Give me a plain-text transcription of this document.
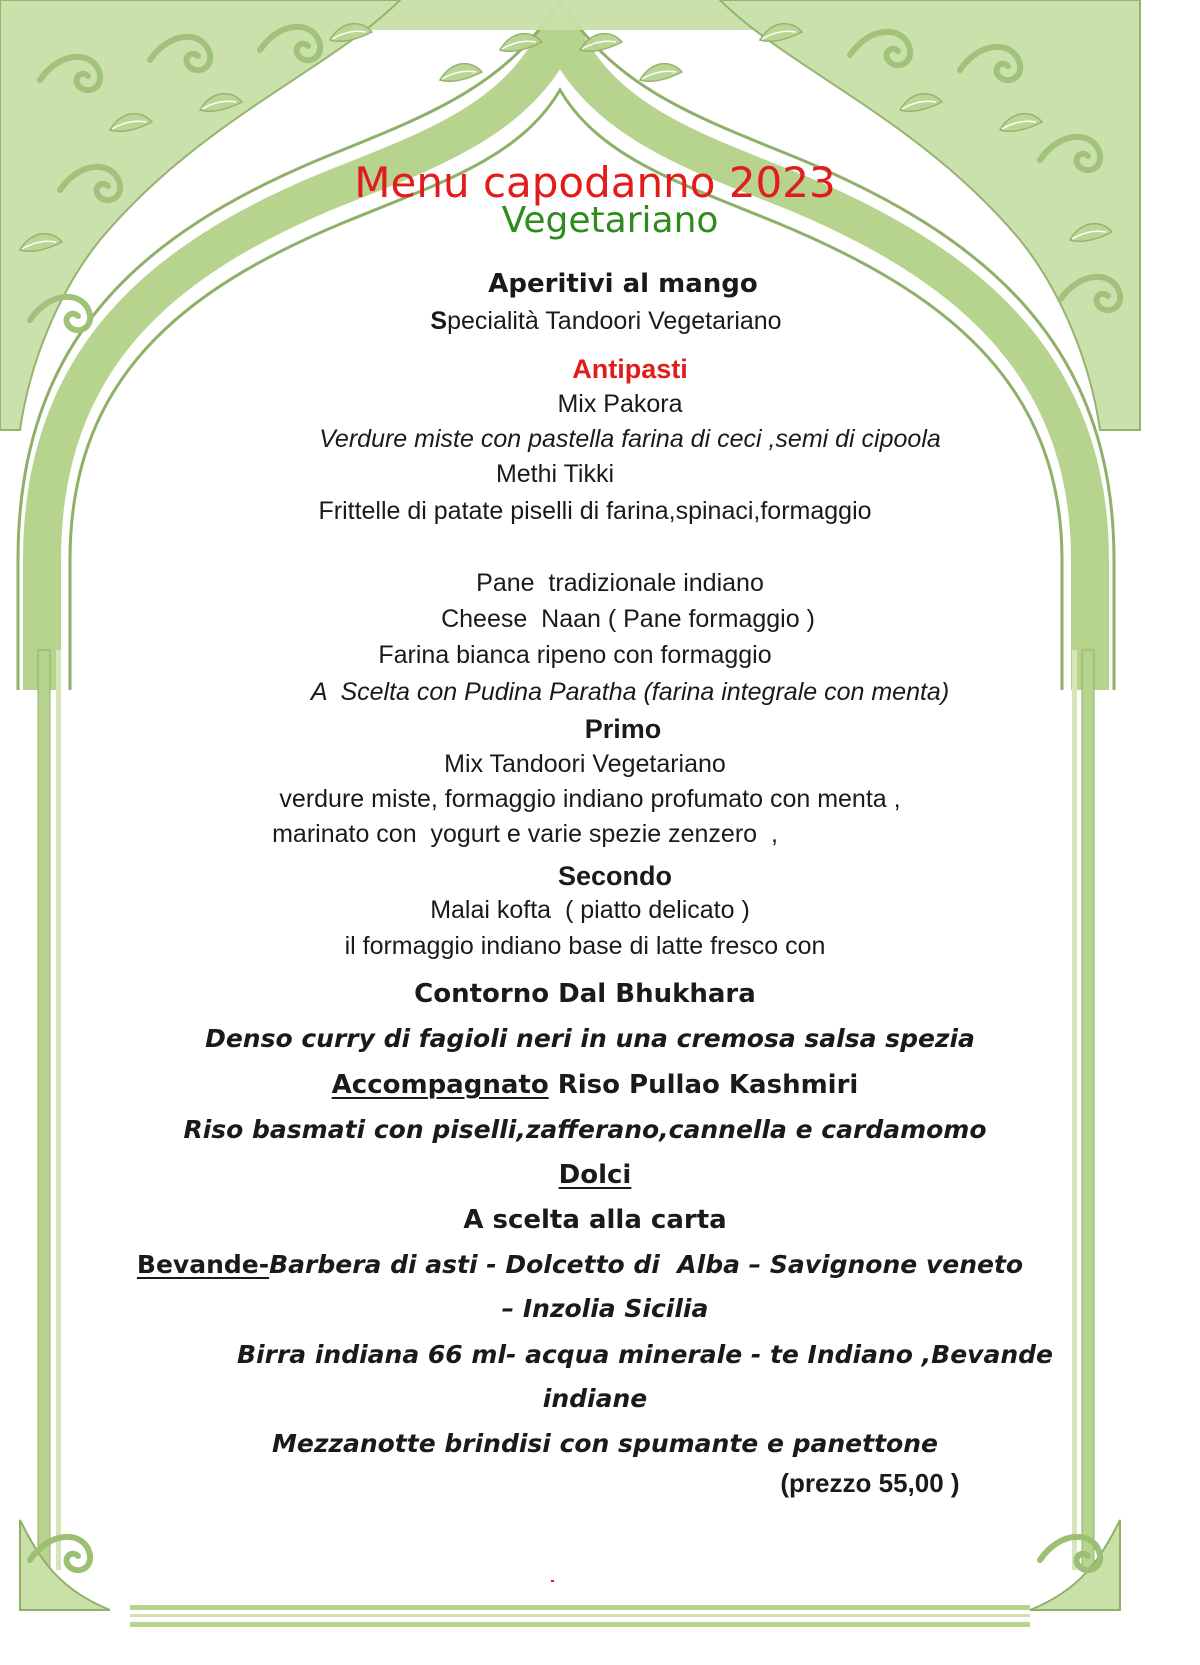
Menu capodanno 2023
Vegetariano
Aperitivi al mango
Specialità Tandoori Vegetariano
Antipasti
Mix Pakora
Verdure miste con pastella farina di ceci ,semi di cipoola
Methi Tikki
Frittelle di patate piselli di farina,spinaci,formaggio
Pane  tradizionale indiano
Cheese  Naan ( Pane formaggio )
Farina bianca ripeno con formaggio
A  Scelta con Pudina Paratha (farina integrale con menta)
Primo
Mix Tandoori Vegetariano
verdure miste, formaggio indiano profumato con menta ,
marinato con  yogurt e varie spezie zenzero  ,
Secondo
Malai kofta  ( piatto delicato )
il formaggio indiano base di latte fresco con
Contorno Dal Bhukhara
Denso curry di fagioli neri in una cremosa salsa spezia
Accompagnato Riso Pullao Kashmiri
Riso basmati con piselli,zafferano,cannella e cardamomo
Dolci
A scelta alla carta
Bevande-Barbera di asti - Dolcetto di  Alba – Savignone veneto
– Inzolia Sicilia
Birra indiana 66 ml- acqua minerale - te Indiano ,Bevande
indiane
Mezzanotte brindisi con spumante e panettone
(prezzo 55,00 )
